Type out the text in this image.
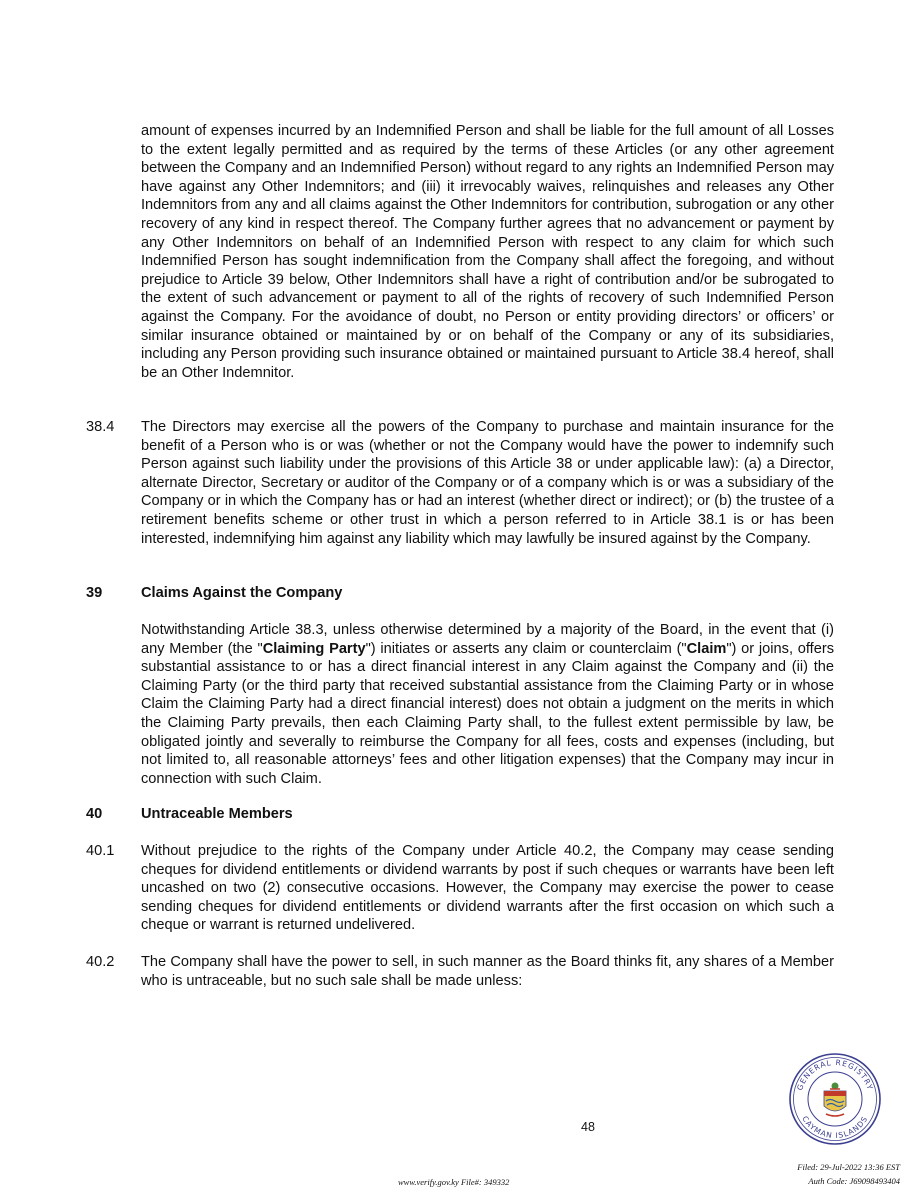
amount of expenses incurred by an Indemnified Person and shall be liable for the full amount of all Losses to the extent legally permitted and as required by the terms of these Articles (or any other agreement between the Company and an Indemnified Person) without regard to any rights an Indemnified Person may have against any Other Indemnitors; and (iii) it irrevocably waives, relinquishes and releases any Other Indemnitors from any and all claims against the Other Indemnitors for contribution, subrogation or any other recovery of any kind in respect thereof. The Company further agrees that no advancement or payment by any Other Indemnitors on behalf of an Indemnified Person with respect to any claim for which such Indemnified Person has sought indemnification from the Company shall affect the foregoing, and without prejudice to Article 39 below, Other Indemnitors shall have a right of contribution and/or be subrogated to the extent of such advancement or payment to all of the rights of recovery of such Indemnified Person against the Company. For the avoidance of doubt, no Person or entity providing directors’ or officers’ or similar insurance obtained or maintained by or on behalf of the Company or any of its subsidiaries, including any Person providing such insurance obtained or maintained pursuant to Article 38.4 hereof, shall be an Other Indemnitor.
38.4 The Directors may exercise all the powers of the Company to purchase and maintain insurance for the benefit of a Person who is or was (whether or not the Company would have the power to indemnify such Person against such liability under the provisions of this Article 38 or under applicable law): (a) a Director, alternate Director, Secretary or auditor of the Company or of a company which is or was a subsidiary of the Company or in which the Company has or had an interest (whether direct or indirect); or (b) the trustee of a retirement benefits scheme or other trust in which a person referred to in Article 38.1 is or has been interested, indemnifying him against any liability which may lawfully be insured against by the Company.
39	Claims Against the Company
Notwithstanding Article 38.3, unless otherwise determined by a majority of the Board, in the event that (i) any Member (the "Claiming Party") initiates or asserts any claim or counterclaim ("Claim") or joins, offers substantial assistance to or has a direct financial interest in any Claim against the Company and (ii) the Claiming Party (or the third party that received substantial assistance from the Claiming Party or in whose Claim the Claiming Party had a direct financial interest) does not obtain a judgment on the merits in which the Claiming Party prevails, then each Claiming Party shall, to the fullest extent permissible by law, be obligated jointly and severally to reimburse the Company for all fees, costs and expenses (including, but not limited to, all reasonable attorneys’ fees and other litigation expenses) that the Company may incur in connection with such Claim.
40	Untraceable Members
40.1 Without prejudice to the rights of the Company under Article 40.2, the Company may cease sending cheques for dividend entitlements or dividend warrants by post if such cheques or warrants have been left uncashed on two (2) consecutive occasions. However, the Company may exercise the power to cease sending cheques for dividend entitlements or dividend warrants after the first occasion on which such a cheque or warrant is returned undelivered.
40.2 The Company shall have the power to sell, in such manner as the Board thinks fit, any shares of a Member who is untraceable, but no such sale shall be made unless:
48
GENERAL REGISTRY
CAYMAN ISLANDS
www.verify.gov.ky File#: 349332
Filed: 29-Jul-2022 13:36 EST
Auth Code: J69098493404
